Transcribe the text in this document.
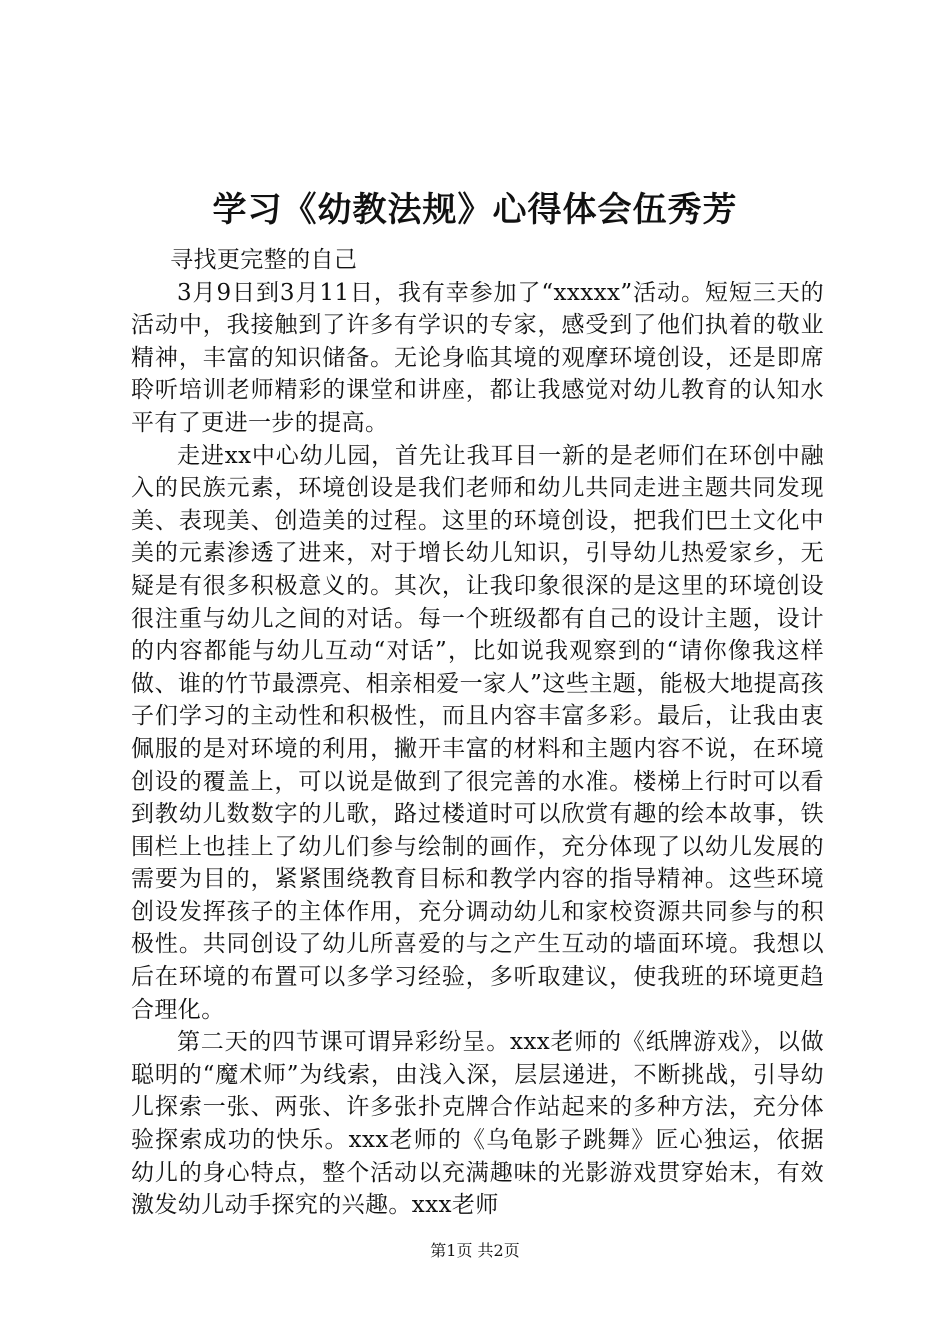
学习《幼教法规》心得体会伍秀芳

寻找更完整的自己

3月9日到3月11日，我有幸参加了“xxxxx”活动。短短三天的活动中，我接触到了许多有学识的专家，感受到了他们执着的敬业精神，丰富的知识储备。无论身临其境的观摩环境创设，还是即席聆听培训老师精彩的课堂和讲座，都让我感觉对幼儿教育的认知水平有了更进一步的提高。

走进xx中心幼儿园，首先让我耳目一新的是老师们在环创中融入的民族元素，环境创设是我们老师和幼儿共同走进主题共同发现美、表现美、创造美的过程。这里的环境创设，把我们巴土文化中美的元素渗透了进来，对于增长幼儿知识，引导幼儿热爱家乡，无疑是有很多积极意义的。其次，让我印象很深的是这里的环境创设很注重与幼儿之间的对话。每一个班级都有自己的设计主题，设计的内容都能与幼儿互动“对话”，比如说我观察到的“请你像我这样做、谁的竹节最漂亮、相亲相爱一家人”这些主题，能极大地提高孩子们学习的主动性和积极性，而且内容丰富多彩。最后，让我由衷佩服的是对环境的利用，撇开丰富的材料和主题内容不说，在环境创设的覆盖上，可以说是做到了很完善的水准。楼梯上行时可以看到教幼儿数数字的儿歌，路过楼道时可以欣赏有趣的绘本故事，铁围栏上也挂上了幼儿们参与绘制的画作，充分体现了以幼儿发展的需要为目的，紧紧围绕教育目标和教学内容的指导精神。这些环境创设发挥孩子的主体作用，充分调动幼儿和家校资源共同参与的积极性。共同创设了幼儿所喜爱的与之产生互动的墙面环境。我想以后在环境的布置可以多学习经验，多听取建议，使我班的环境更趋合理化。

第二天的四节课可谓异彩纷呈。xxx老师的《纸牌游戏》，以做聪明的“魔术师”为线索，由浅入深，层层递进，不断挑战，引导幼儿探索一张、两张、许多张扑克牌合作站起来的多种方法，充分体验探索成功的快乐。xxx老师的《乌龟影子跳舞》匠心独运，依据幼儿的身心特点，整个活动以充满趣味的光影游戏贯穿始末，有效激发幼儿动手探究的兴趣。xxx老师

第1页 共2页
